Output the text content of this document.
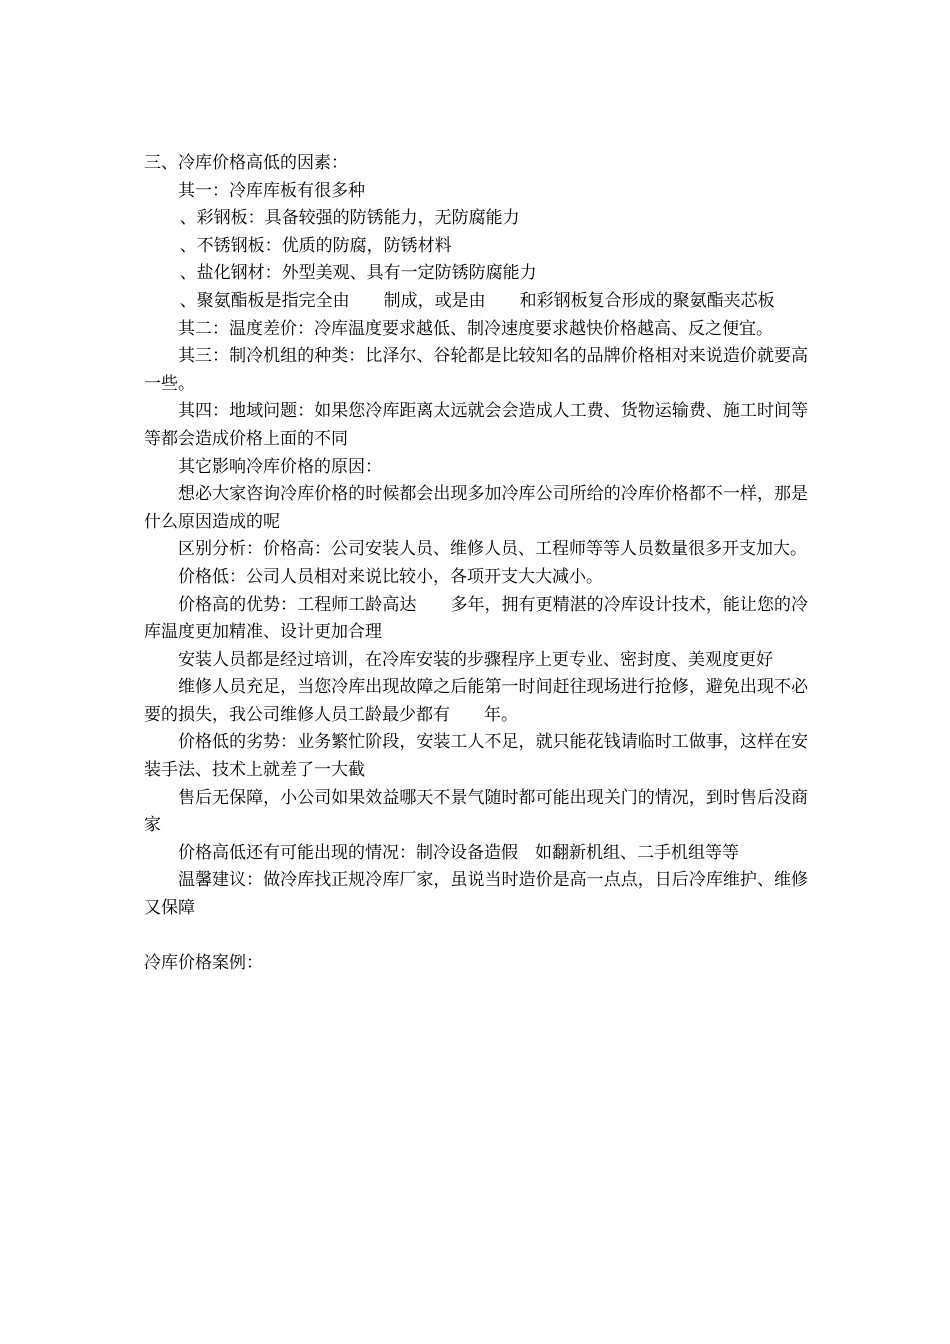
三、冷库价格高低的因素：

其一：冷库库板有很多种

、彩钢板：具备较强的防锈能力，无防腐能力

、不锈钢板：优质的防腐，防锈材料

、盐化钢材：外型美观、具有一定防锈防腐能力

、聚氨酯板是指完全由　　制成，或是由　　和彩钢板复合形成的聚氨酯夹芯板

其二：温度差价：冷库温度要求越低、制冷速度要求越快价格越高、反之便宜。

其三：制冷机组的种类：比泽尔、谷轮都是比较知名的品牌价格相对来说造价就要高一些。

其四：地域问题：如果您冷库距离太远就会会造成人工费、货物运输费、施工时间等等都会造成价格上面的不同

其它影响冷库价格的原因：

想必大家咨询冷库价格的时候都会出现多加冷库公司所给的冷库价格都不一样，那是什么原因造成的呢

区别分析：价格高：公司安装人员、维修人员、工程师等等人员数量很多开支加大。

价格低：公司人员相对来说比较小，各项开支大大减小。

价格高的优势：工程师工龄高达　　多年，拥有更精湛的冷库设计技术，能让您的冷库温度更加精准、设计更加合理

安装人员都是经过培训，在冷库安装的步骤程序上更专业、密封度、美观度更好

维修人员充足，当您冷库出现故障之后能第一时间赶往现场进行抢修，避免出现不必要的损失，我公司维修人员工龄最少都有　　年。

价格低的劣势：业务繁忙阶段，安装工人不足，就只能花钱请临时工做事，这样在安装手法、技术上就差了一大截

售后无保障，小公司如果效益哪天不景气随时都可能出现关门的情况，到时售后没商家

价格高低还有可能出现的情况：制冷设备造假　如翻新机组、二手机组等等

温馨建议：做冷库找正规冷库厂家，虽说当时造价是高一点点，日后冷库维护、维修又保障

冷库价格案例：
